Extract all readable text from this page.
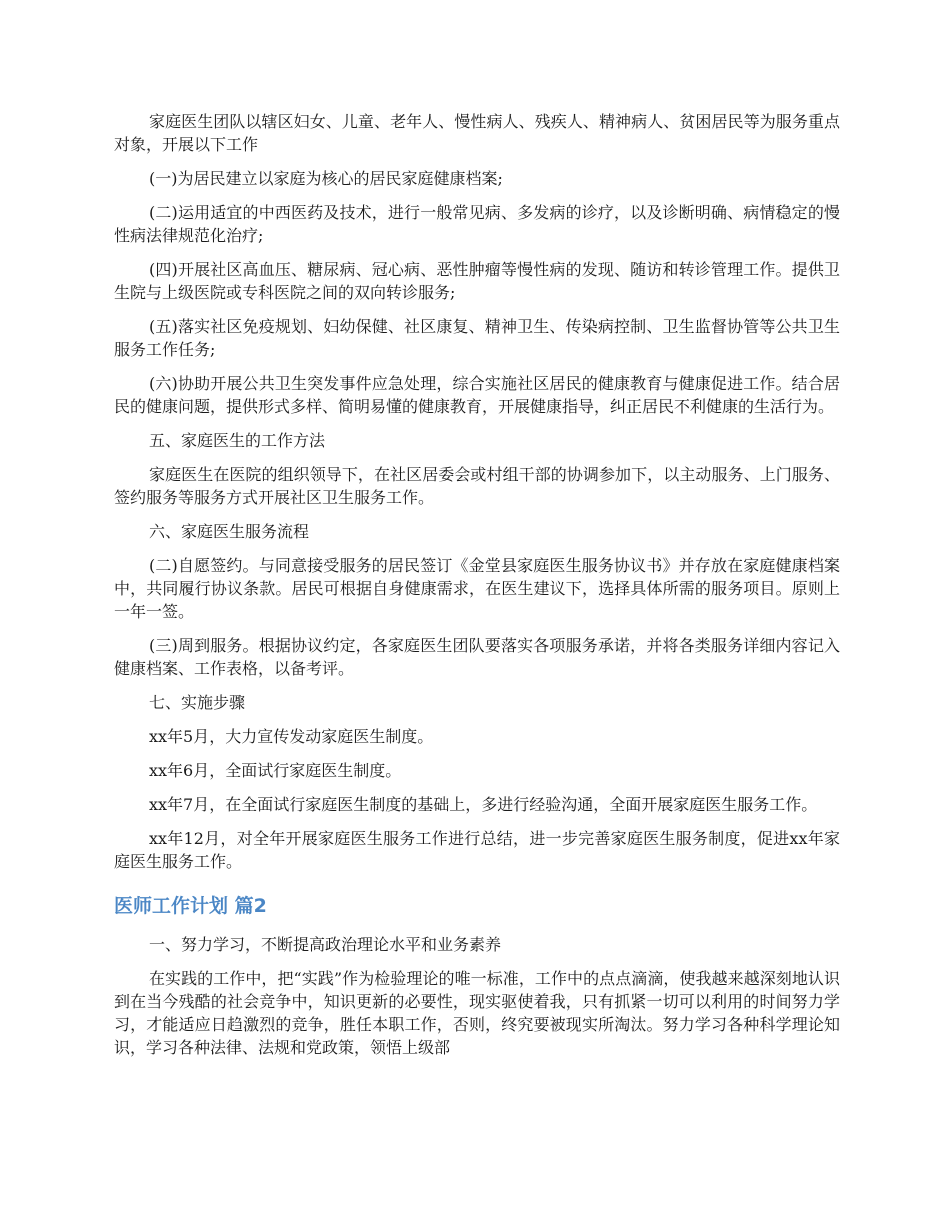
家庭医生团队以辖区妇女、儿童、老年人、慢性病人、残疾人、精神病人、贫困居民等为服务重点对象，开展以下工作

(一)为居民建立以家庭为核心的居民家庭健康档案;

(二)运用适宜的中西医药及技术，进行一般常见病、多发病的诊疗，以及诊断明确、病情稳定的慢性病法律规范化治疗;

(四)开展社区高血压、糖尿病、冠心病、恶性肿瘤等慢性病的发现、随访和转诊管理工作。提供卫生院与上级医院或专科医院之间的双向转诊服务;

(五)落实社区免疫规划、妇幼保健、社区康复、精神卫生、传染病控制、卫生监督协管等公共卫生服务工作任务;

(六)协助开展公共卫生突发事件应急处理，综合实施社区居民的健康教育与健康促进工作。结合居民的健康问题，提供形式多样、简明易懂的健康教育，开展健康指导，纠正居民不利健康的生活行为。

五、家庭医生的工作方法

家庭医生在医院的组织领导下，在社区居委会或村组干部的协调参加下，以主动服务、上门服务、签约服务等服务方式开展社区卫生服务工作。

六、家庭医生服务流程

(二)自愿签约。与同意接受服务的居民签订《金堂县家庭医生服务协议书》并存放在家庭健康档案中，共同履行协议条款。居民可根据自身健康需求，在医生建议下，选择具体所需的服务项目。原则上一年一签。

(三)周到服务。根据协议约定，各家庭医生团队要落实各项服务承诺，并将各类服务详细内容记入健康档案、工作表格，以备考评。

七、实施步骤

xx年5月，大力宣传发动家庭医生制度。

xx年6月，全面试行家庭医生制度。

xx年7月，在全面试行家庭医生制度的基础上，多进行经验沟通，全面开展家庭医生服务工作。

xx年12月，对全年开展家庭医生服务工作进行总结，进一步完善家庭医生服务制度，促进xx年家庭医生服务工作。

医师工作计划 篇2

一、努力学习，不断提高政治理论水平和业务素养

在实践的工作中，把“实践”作为检验理论的唯一标准，工作中的点点滴滴，使我越来越深刻地认识到在当今残酷的社会竞争中，知识更新的必要性，现实驱使着我，只有抓紧一切可以利用的时间努力学习，才能适应日趋激烈的竞争，胜任本职工作，否则，终究要被现实所淘汰。努力学习各种科学理论知识，学习各种法律、法规和党政策，领悟上级部
